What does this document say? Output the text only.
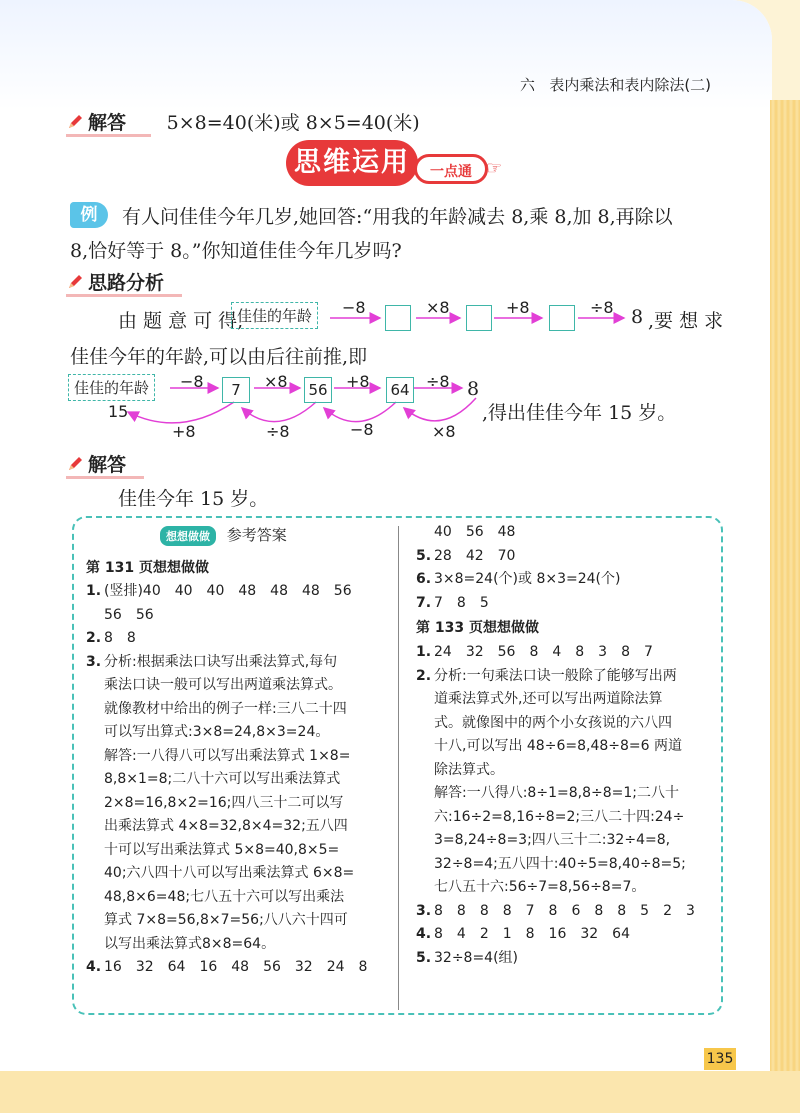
六 表内乘法和表内除法(二)
解答 5×8=40(米)或 8×5=40(米)
思维运用	一点通 ☞
例	有人问佳佳今年几岁,她回答:“用我的年龄减去 8,乘 8,加 8,再除以
8,恰好等于 8。”你知道佳佳今年几岁吗?
思路分析
由 题 意 可 得,
佳佳的年龄	−8	×8	+8	÷8 8 ,要 想 求
佳佳今年的年龄,可以由后往前推,即
佳佳的年龄	−8	7	×8 56 +8 64 ÷8 8
15
+8	÷8	−8	×8
,得出佳佳今年 15 岁。
解答
佳佳今年 15 岁。
想想做做 参考答案
第 131 页想想做做
1. (竖排)40　40　40　48　48　48　56
56　56
2. 8　8
3. 分析:根据乘法口诀写出乘法算式,每句
乘法口诀一般可以写出两道乘法算式。
就像教材中给出的例子一样:三八二十四
可以写出算式:3×8=24,8×3=24。
解答:一八得八可以写出乘法算式 1×8=
8,8×1=8;二八十六可以写出乘法算式
2×8=16,8×2=16;四八三十二可以写
出乘法算式 4×8=32,8×4=32;五八四
十可以写出乘法算式 5×8=40,8×5=
40;六八四十八可以写出乘法算式 6×8=
48,8×6=48;七八五十六可以写出乘法
算式 7×8=56,8×7=56;八八六十四可
以写出乘法算式8×8=64。
4. 16　32　64　16　48　56　32　24　8
40　56　48
5. 28　42　70
6. 3×8=24(个)或 8×3=24(个)
7. 7　8　5
第 133 页想想做做
1. 24　32　56　8　4　8　3　8　7
2. 分析:一句乘法口诀一般除了能够写出两
道乘法算式外,还可以写出两道除法算
式。就像图中的两个小女孩说的六八四
十八,可以写出 48÷6=8,48÷8=6 两道
除法算式。
解答:一八得八:8÷1=8,8÷8=1;二八十
六:16÷2=8,16÷8=2;三八二十四:24÷
3=8,24÷8=3;四八三十二:32÷4=8,
32÷8=4;五八四十:40÷5=8,40÷8=5;
七八五十六:56÷7=8,56÷8=7。
3. 8　8　8　8　7　8　6　8　8　5　2　3
4. 8　4　2　1　8　16　32　64
5. 32÷8=4(组)
135
